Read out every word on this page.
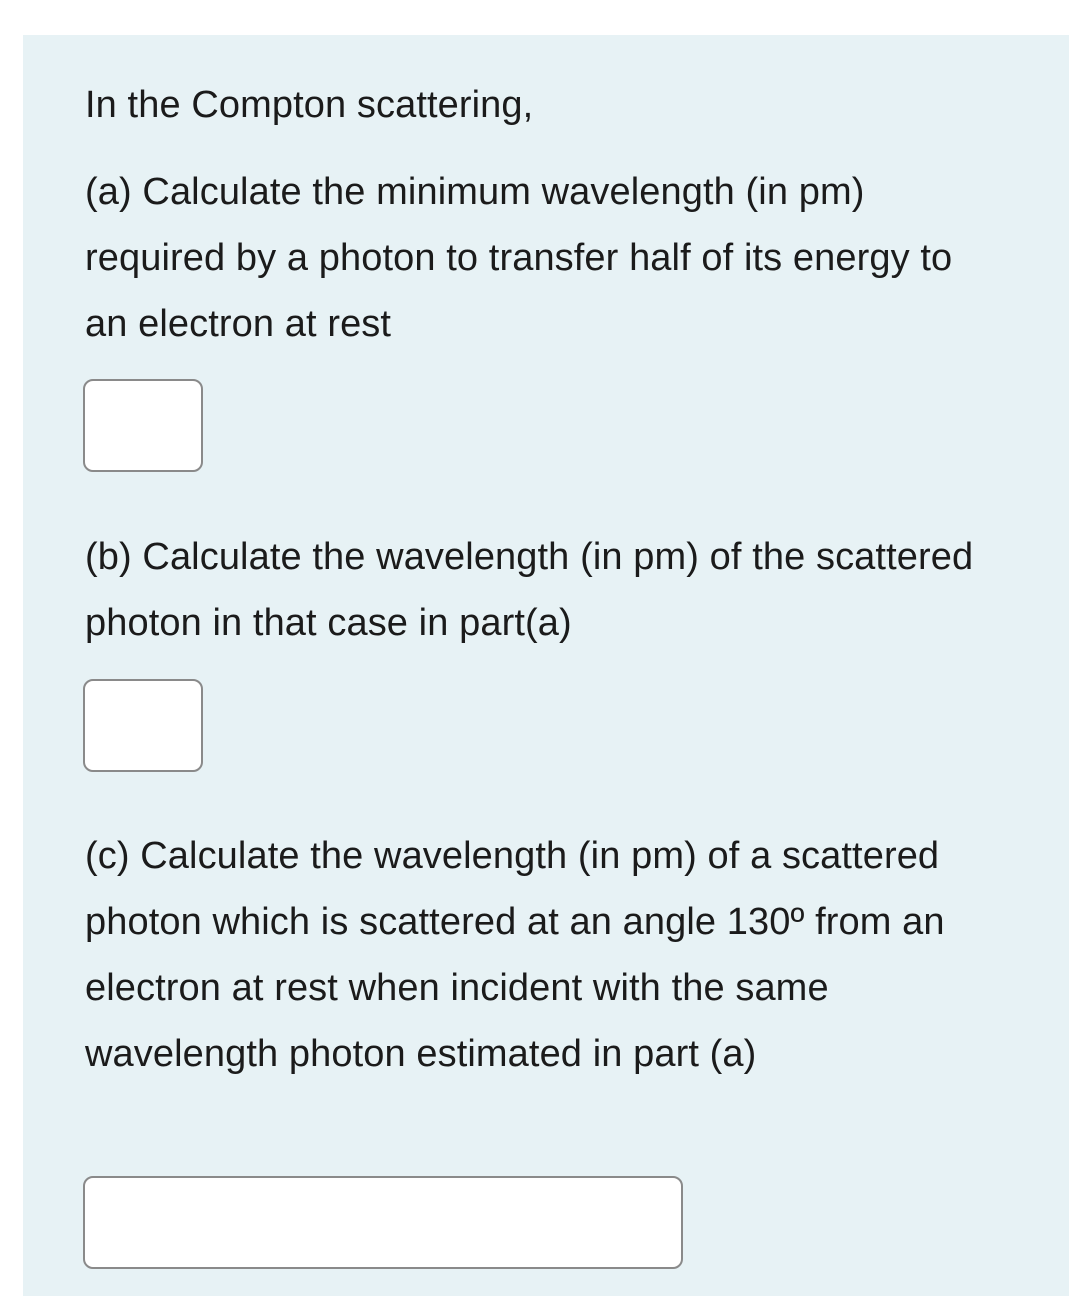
In the Compton scattering,

(a) Calculate the minimum wavelength (in pm) required by a photon to transfer half of its energy to an electron at rest

(b) Calculate the wavelength (in pm) of the scattered photon in that case in part(a)

(c) Calculate the wavelength (in pm) of a scattered photon which is scattered at an angle 130º from an electron at rest when incident with the same wavelength photon estimated in part (a)
